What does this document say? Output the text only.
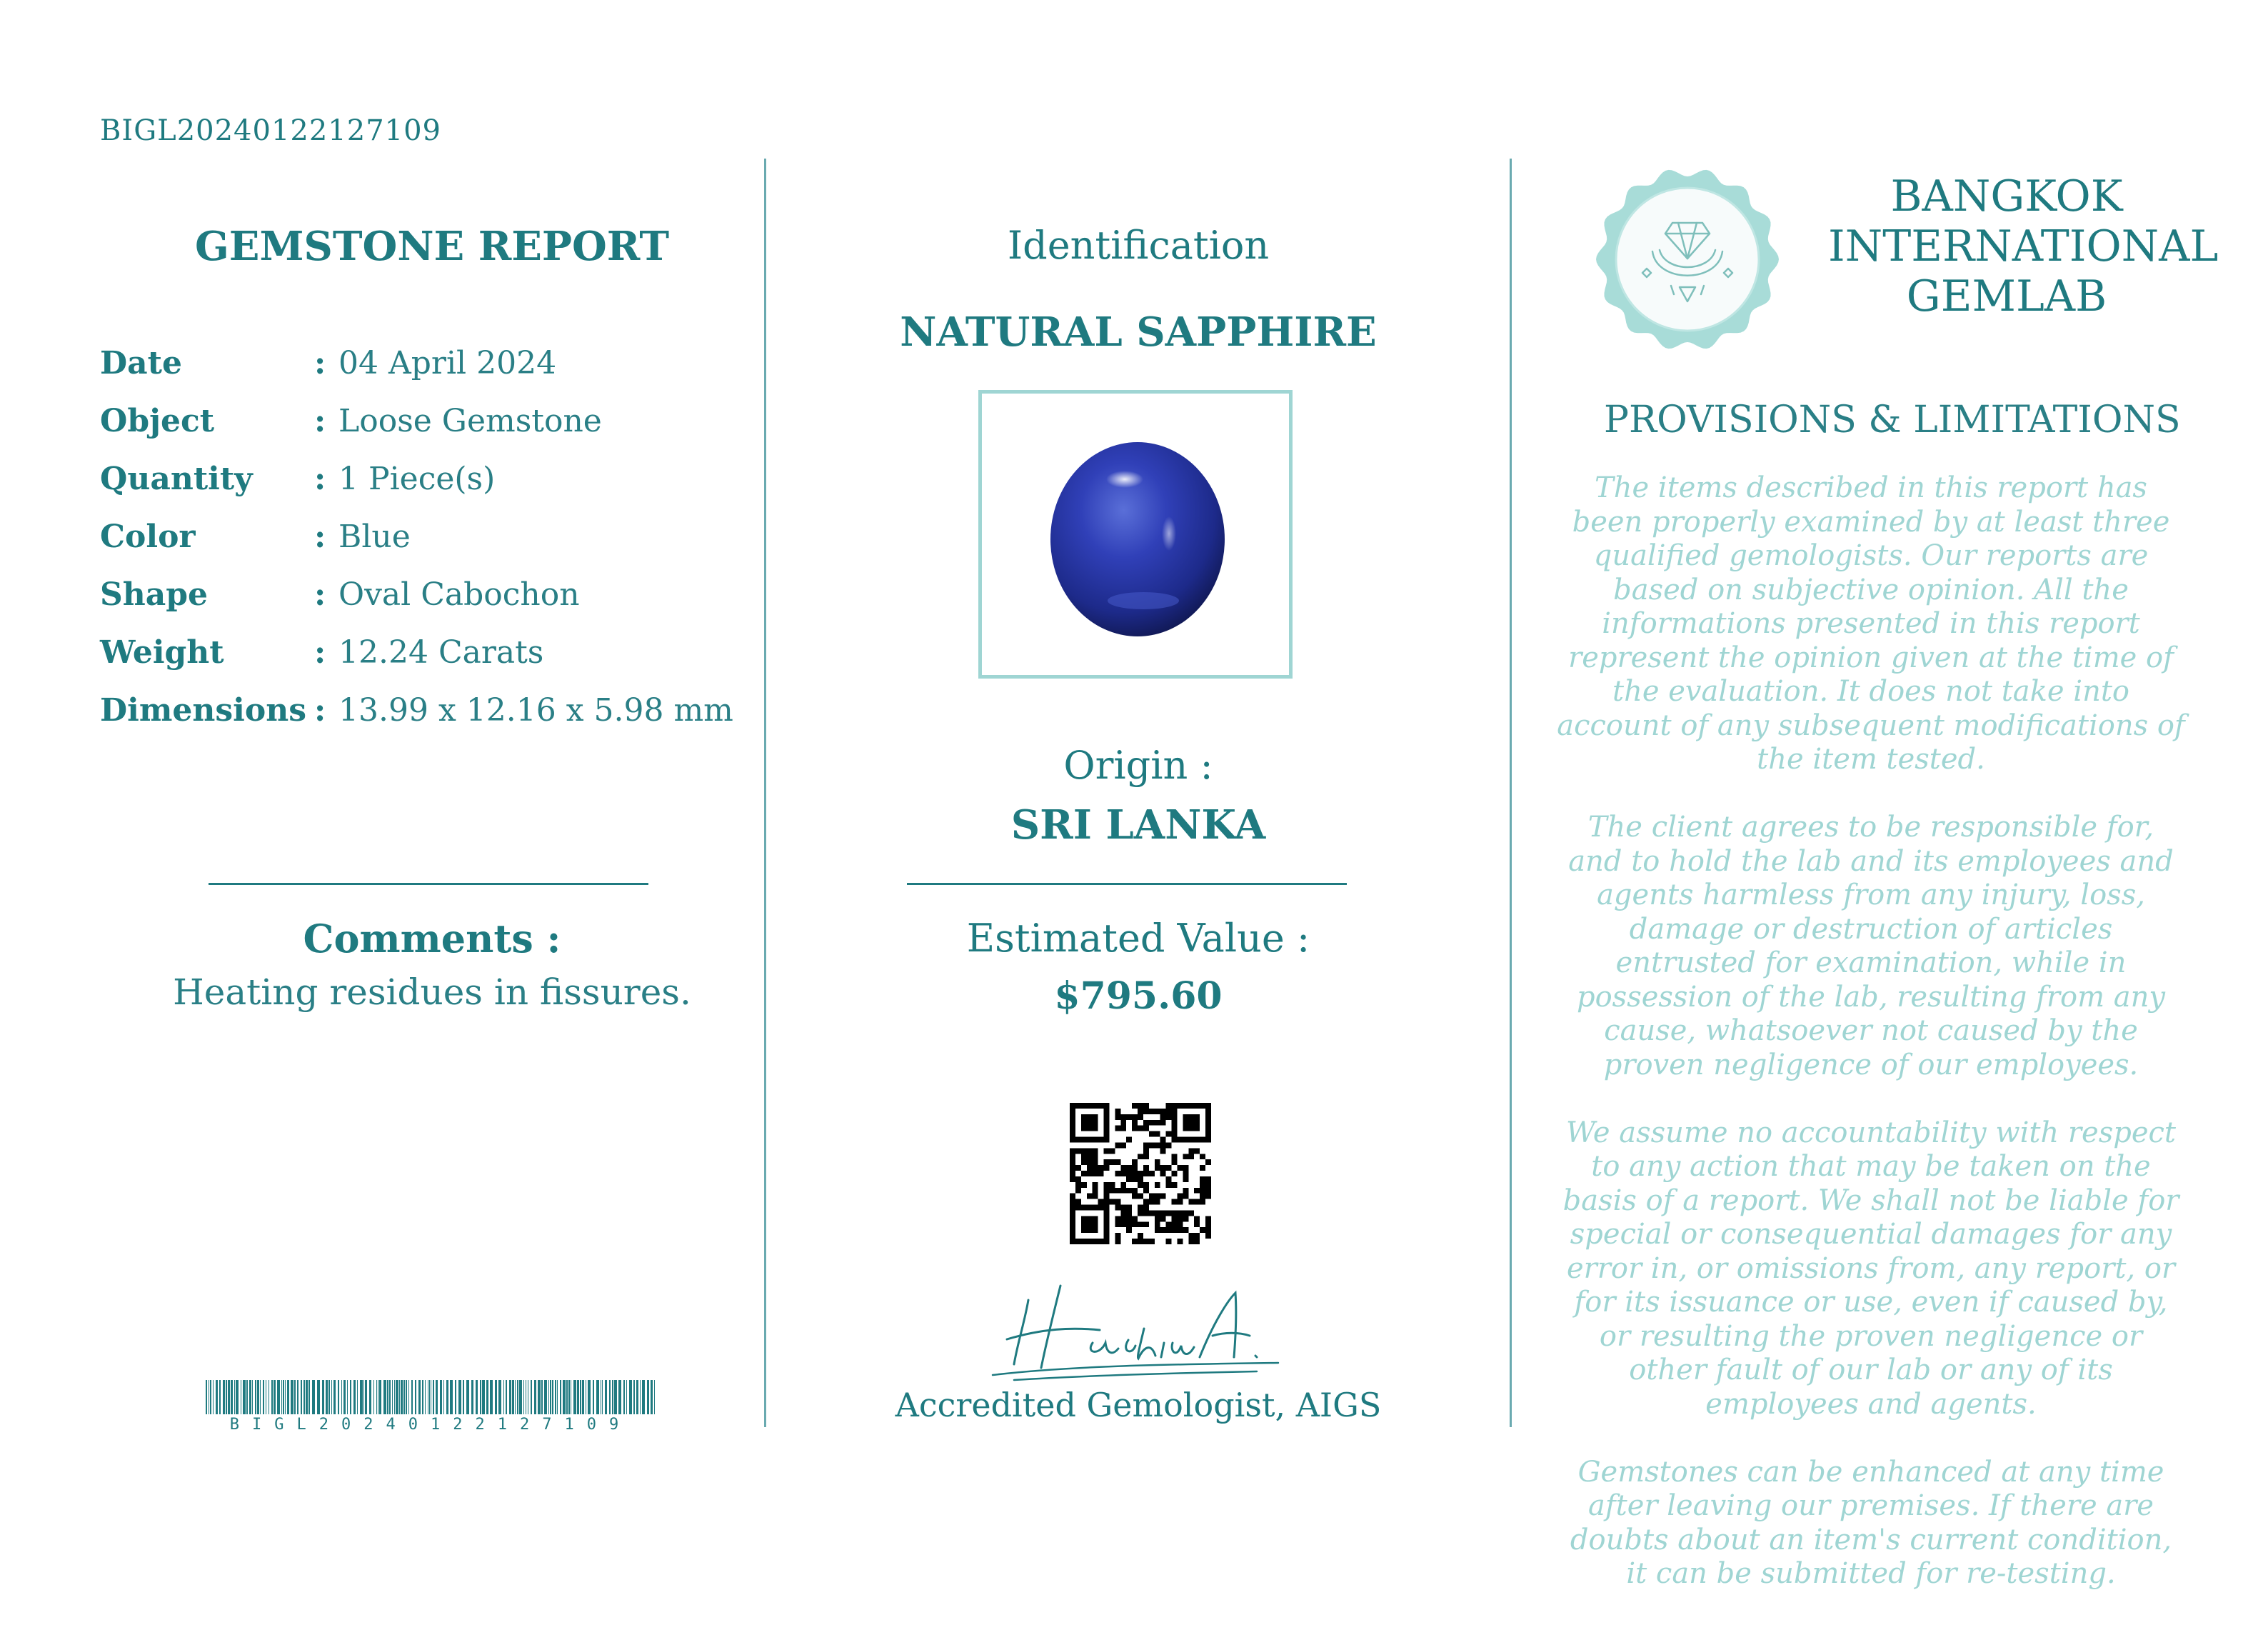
BIGL20240122127109
GEMSTONE REPORT
Date	: 04 April 2024
Object	: Loose Gemstone
Quantity	: 1 Piece(s)
Color	: Blue
Shape	: Oval Cabochon
Weight	: 12.24 Carats
Dimensions : 13.99 x 12.16 x 5.98 mm
Comments :
Heating residues in fissures.
BIGL20240122127109
Identification
NATURAL SAPPHIRE
Origin :
SRI LANKA
Estimated Value :
$795.60
Accredited Gemologist, AIGS
BANGKOK
INTERNATIONAL
GEMLAB
PROVISIONS & LIMITATIONS

The items described in this report has been properly examined by at least three qualified gemologists. Our reports are based on subjective opinion. All the informations presented in this report represent the opinion given at the time of the evaluation. It does not take into account of any subsequent modifications of the item tested.

The client agrees to be responsible for, and to hold the lab and its employees and agents harmless from any injury, loss, damage or destruction of articles entrusted for examination, while in possession of the lab, resulting from any cause, whatsoever not caused by the proven negligence of our employees.

We assume no accountability with respect to any action that may be taken on the basis of a report. We shall not be liable for special or consequential damages for any error in, or omissions from, any report, or for its issuance or use, even if caused by, or resulting the proven negligence or other fault of our lab or any of its employees and agents.

Gemstones can be enhanced at any time after leaving our premises. If there are doubts about an item's current condition, it can be submitted for re-testing.
